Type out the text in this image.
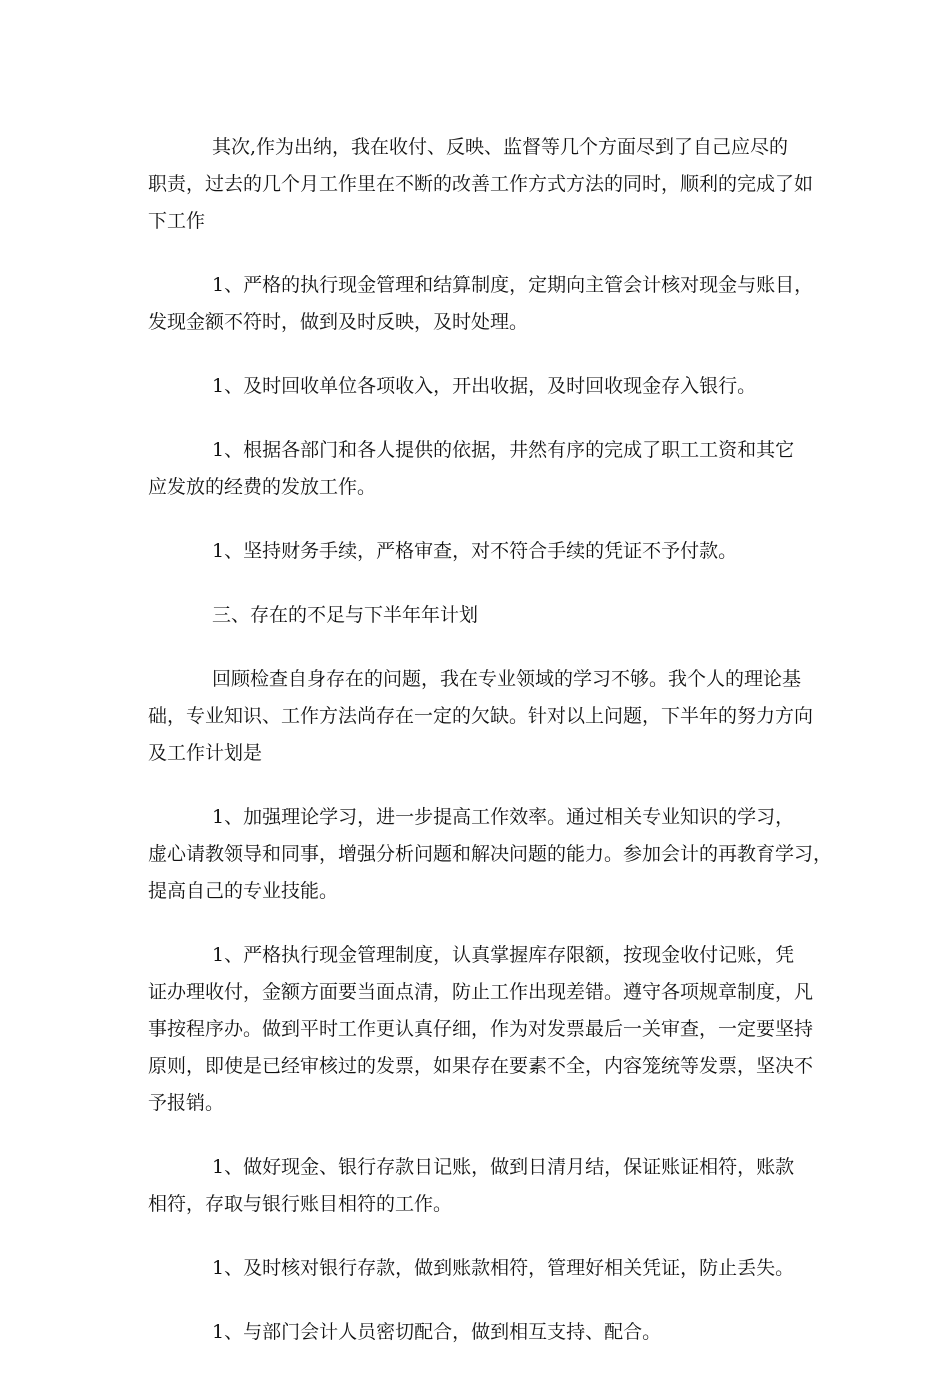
其次,作为出纳，我在收付、反映、监督等几个方面尽到了自己应尽的
职责，过去的几个月工作里在不断的改善工作方式方法的同时，顺利的完成了如
下工作

1、严格的执行现金管理和结算制度，定期向主管会计核对现金与账目，
发现金额不符时，做到及时反映，及时处理。

1、及时回收单位各项收入，开出收据，及时回收现金存入银行。

1、根据各部门和各人提供的依据，井然有序的完成了职工工资和其它
应发放的经费的发放工作。

1、坚持财务手续，严格审查，对不符合手续的凭证不予付款。

三、存在的不足与下半年年计划

回顾检查自身存在的问题，我在专业领域的学习不够。我个人的理论基
础，专业知识、工作方法尚存在一定的欠缺。针对以上问题，下半年的努力方向
及工作计划是

1、加强理论学习，进一步提高工作效率。通过相关专业知识的学习，
虚心请教领导和同事，增强分析问题和解决问题的能力。参加会计的再教育学习，
提高自己的专业技能。

1、严格执行现金管理制度，认真掌握库存限额，按现金收付记账，凭
证办理收付，金额方面要当面点清，防止工作出现差错。遵守各项规章制度，凡
事按程序办。做到平时工作更认真仔细，作为对发票最后一关审查，一定要坚持
原则，即使是已经审核过的发票，如果存在要素不全，内容笼统等发票，坚决不
予报销。

1、做好现金、银行存款日记账，做到日清月结，保证账证相符，账款
相符，存取与银行账目相符的工作。

1、及时核对银行存款，做到账款相符，管理好相关凭证，防止丢失。

1、与部门会计人员密切配合，做到相互支持、配合。
